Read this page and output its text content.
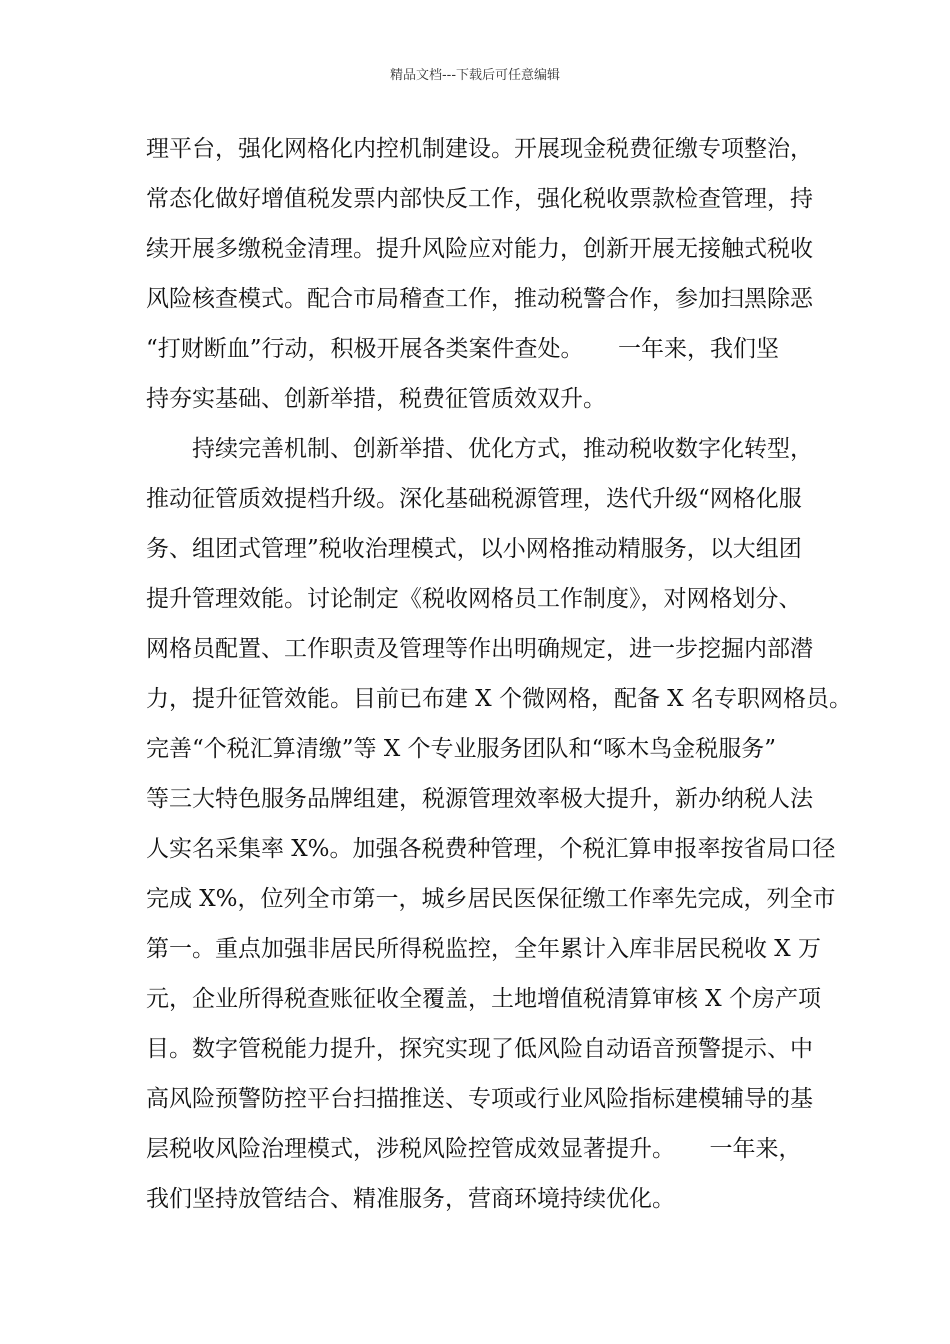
精品文档---下载后可任意编辑
理平台，强化网格化内控机制建设。开展现金税费征缴专项整治，
常态化做好增值税发票内部快反工作，强化税收票款检查管理，持
续开展多缴税金清理。提升风险应对能力，创新开展无接触式税收
风险核查模式。配合市局稽查工作，推动税警合作，参加扫黑除恶
“打财断血”行动，积极开展各类案件查处。　　一年来，我们坚
持夯实基础、创新举措，税费征管质效双升。
持续完善机制、创新举措、优化方式，推动税收数字化转型，
推动征管质效提档升级。深化基础税源管理，迭代升级“网格化服
务、组团式管理”税收治理模式，以小网格推动精服务，以大组团
提升管理效能。讨论制定《税收网格员工作制度》，对网格划分、
网格员配置、工作职责及管理等作出明确规定，进一步挖掘内部潜
力，提升征管效能。目前已布建 X 个微网格，配备 X 名专职网格员。
完善“个税汇算清缴”等 X 个专业服务团队和“啄木鸟金税服务”
等三大特色服务品牌组建，税源管理效率极大提升，新办纳税人法
人实名采集率 X%。加强各税费种管理，个税汇算申报率按省局口径
完成 X%，位列全市第一，城乡居民医保征缴工作率先完成，列全市
第一。重点加强非居民所得税监控，全年累计入库非居民税收 X 万
元，企业所得税查账征收全覆盖，土地增值税清算审核 X 个房产项
目。数字管税能力提升，探究实现了低风险自动语音预警提示、中
高风险预警防控平台扫描推送、专项或行业风险指标建模辅导的基
层税收风险治理模式，涉税风险控管成效显著提升。　　一年来，
我们坚持放管结合、精准服务，营商环境持续优化。
